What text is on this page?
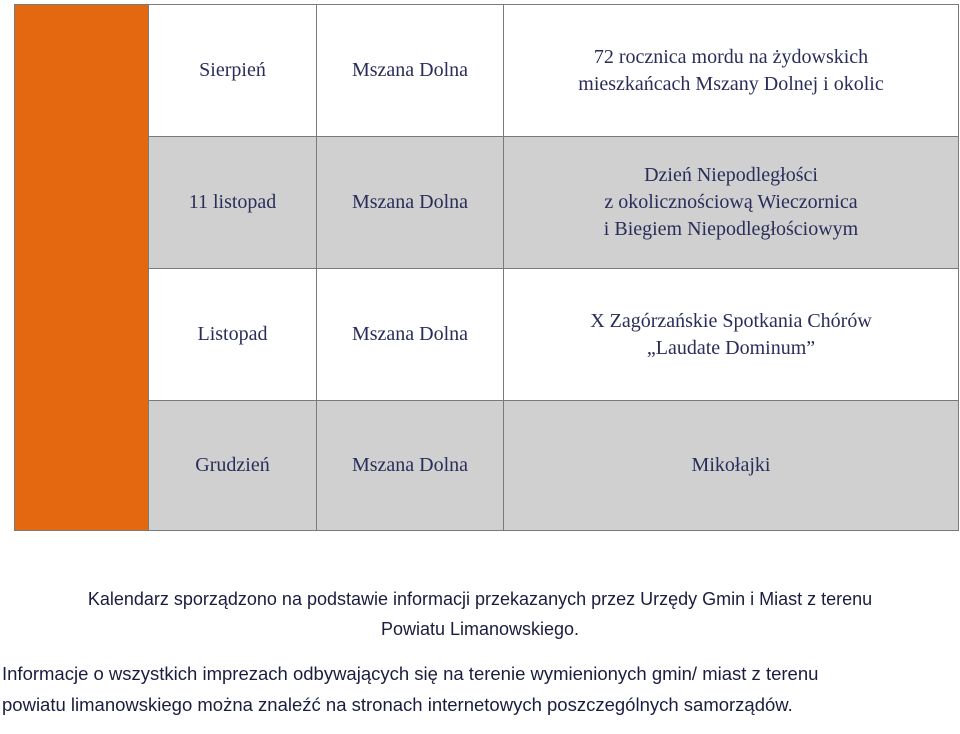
	Sierpień	Mszana Dolna	72 rocznica mordu na żydowskich
mieszkańcach Mszany Dolnej i okolic

	11 listopad	Mszana Dolna	Dzień Niepodległości
z okolicznościową Wieczornica
i Biegiem Niepodległościowym

	Listopad	Mszana Dolna	X Zagórzańskie Spotkania Chórów
„Laudate Dominum”

	Grudzień	Mszana Dolna	Mikołajki

Kalendarz sporządzono na podstawie informacji przekazanych przez Urzędy Gmin i Miast z terenu
Powiatu Limanowskiego.

Informacje o wszystkich imprezach odbywających się na terenie wymienionych gmin/ miast z terenu
powiatu limanowskiego można znaleźć na stronach internetowych poszczególnych samorządów.
